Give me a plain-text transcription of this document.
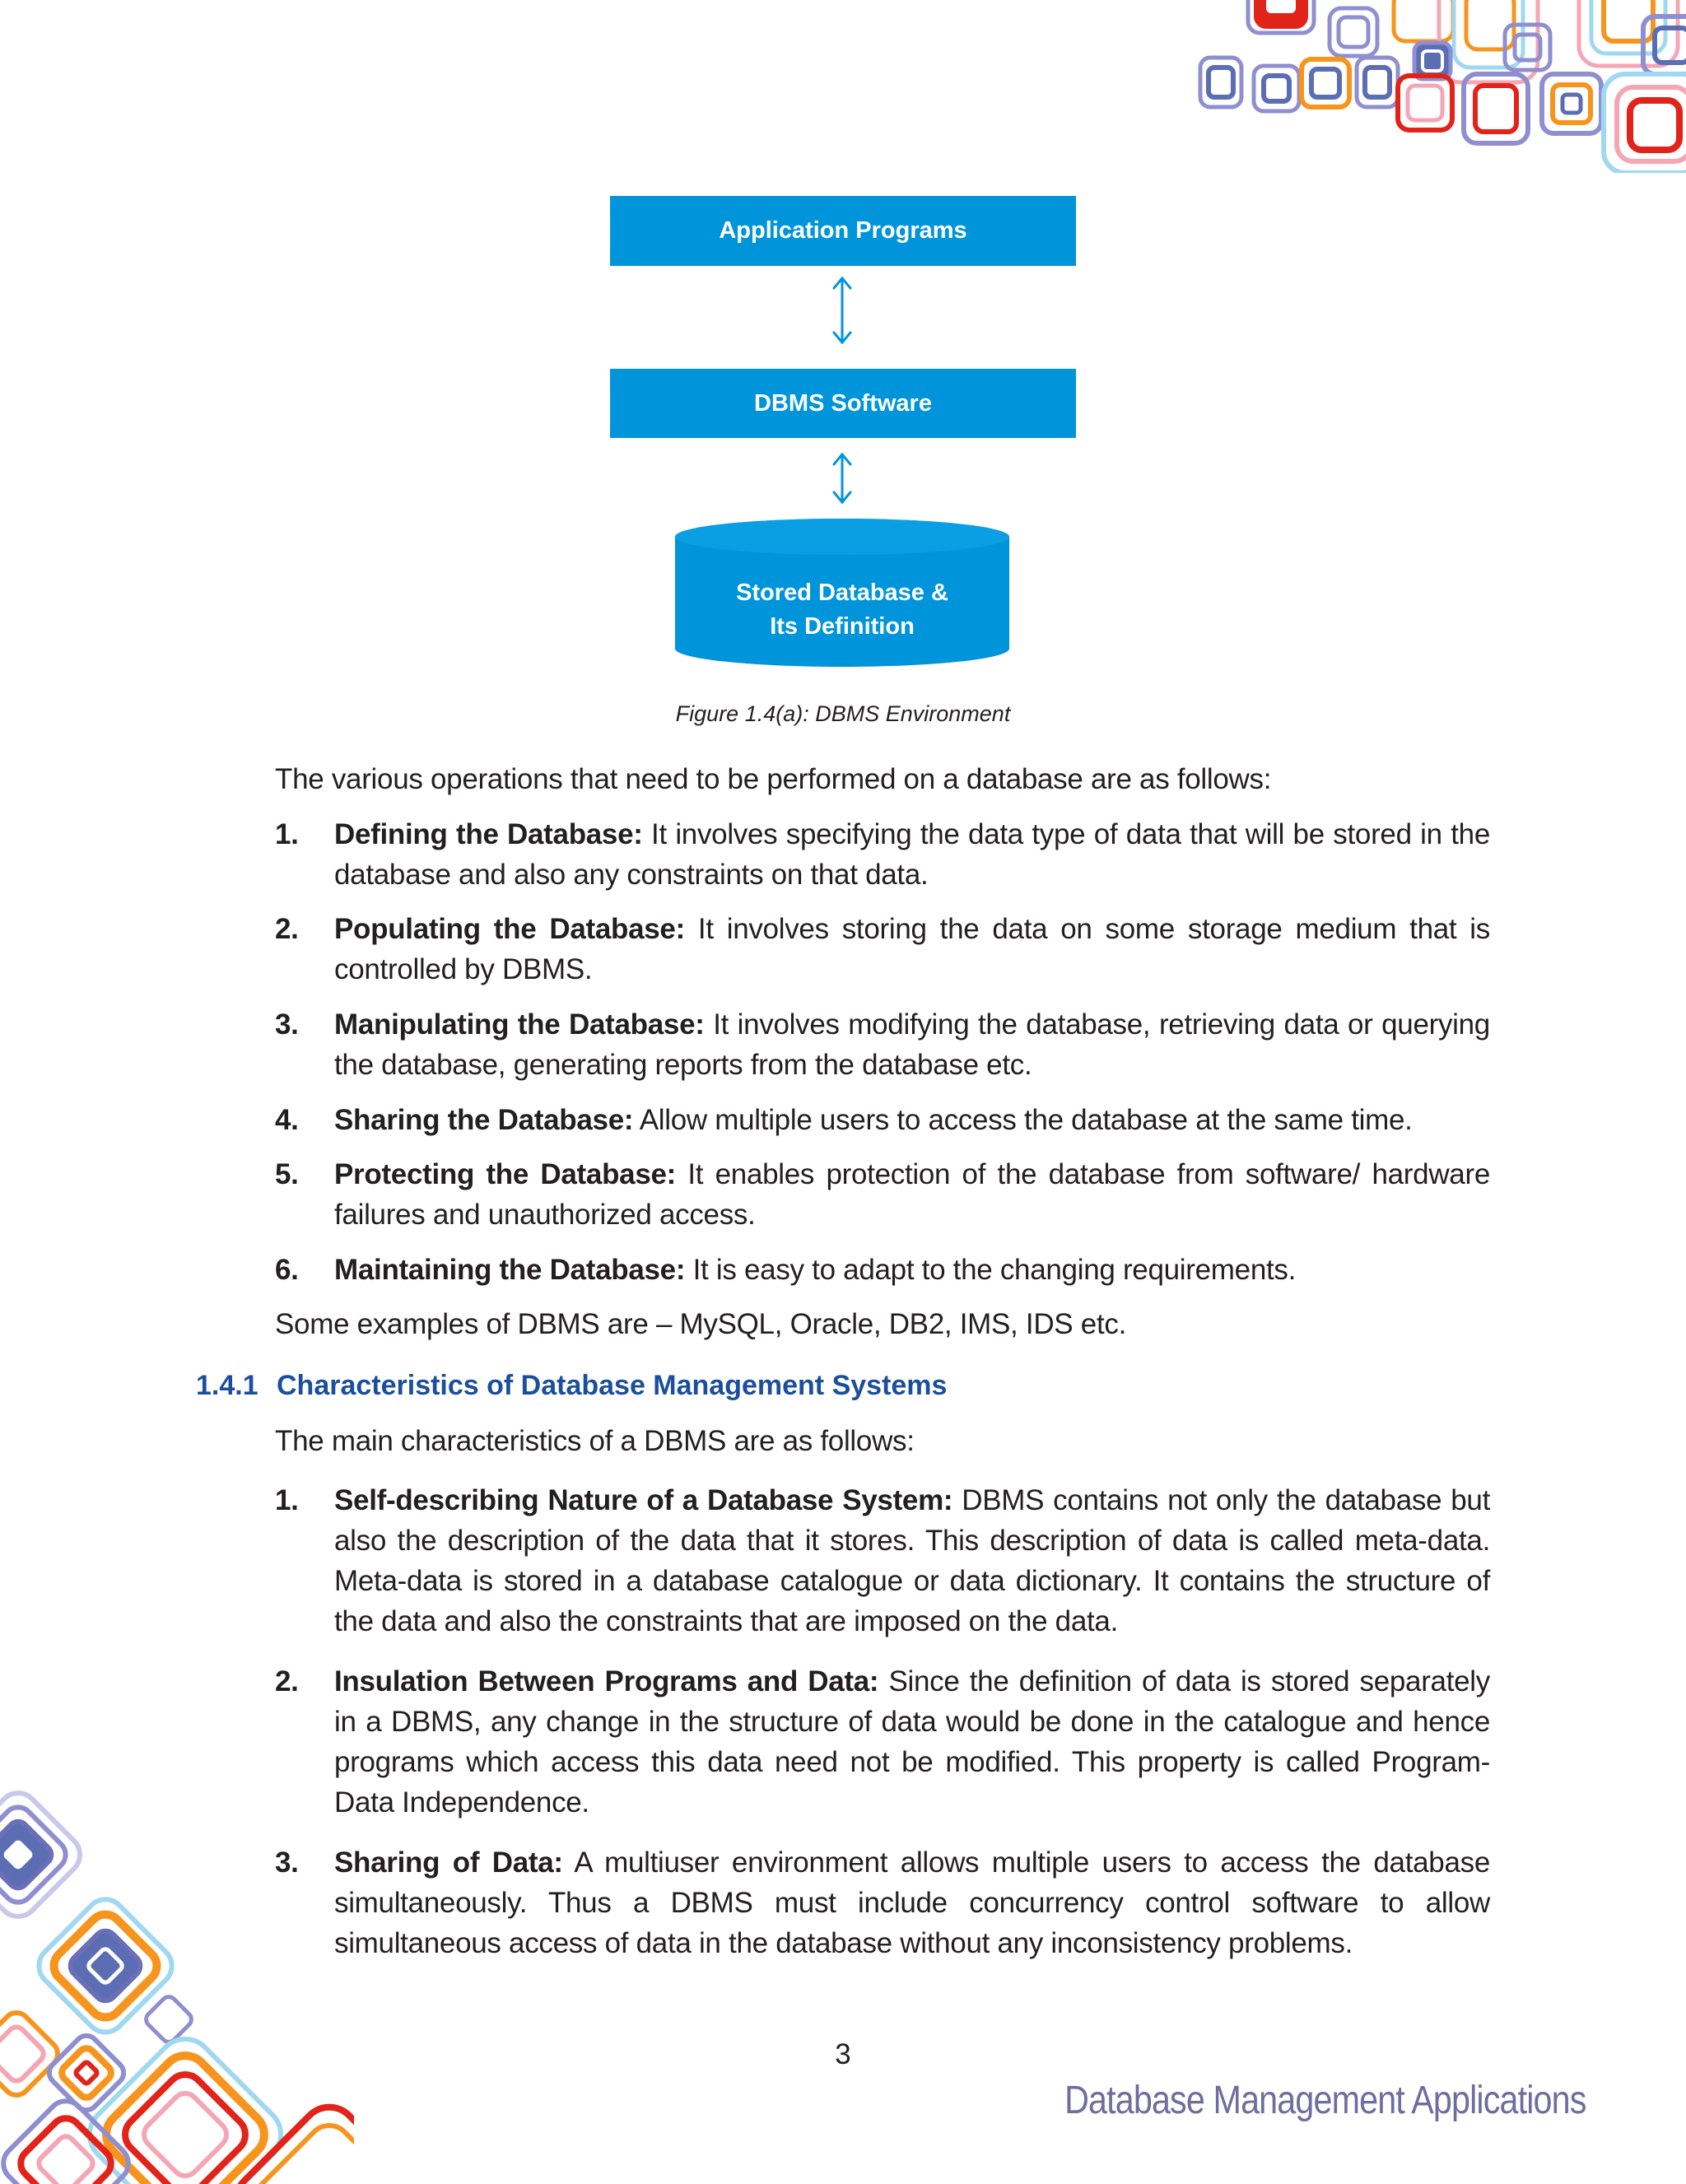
Application Programs
DBMS Software
Stored Database &
Its Definition
Figure 1.4(a): DBMS Environment
The various operations that need to be performed on a database are as follows:
1. Defining the Database: It involves specifying the data type of data that will be stored in the database and also any constraints on that data.
2. Populating the Database: It involves storing the data on some storage medium that is controlled by DBMS.
3. Manipulating the Database: It involves modifying the database, retrieving data or querying the database, generating reports from the database etc.
4. Sharing the Database: Allow multiple users to access the database at the same time.
5. Protecting the Database: It enables protection of the database from software/ hardware failures and unauthorized access.
6. Maintaining the Database: It is easy to adapt to the changing requirements.
Some examples of DBMS are – MySQL, Oracle, DB2, IMS, IDS etc.
1.4.1 Characteristics of Database Management Systems
The main characteristics of a DBMS are as follows:
1. Self-describing Nature of a Database System: DBMS contains not only the database but also the description of the data that it stores. This description of data is called meta-data. Meta-data is stored in a database catalogue or data dictionary. It contains the structure of the data and also the constraints that are imposed on the data.
2. Insulation Between Programs and Data: Since the definition of data is stored separately in a DBMS, any change in the structure of data would be done in the catalogue and hence programs which access this data need not be modified. This property is called Program-Data Independence.
3. Sharing of Data: A multiuser environment allows multiple users to access the database simultaneously. Thus a DBMS must include concurrency control software to allow simultaneous access of data in the database without any inconsistency problems.
3
Database Management Applications
